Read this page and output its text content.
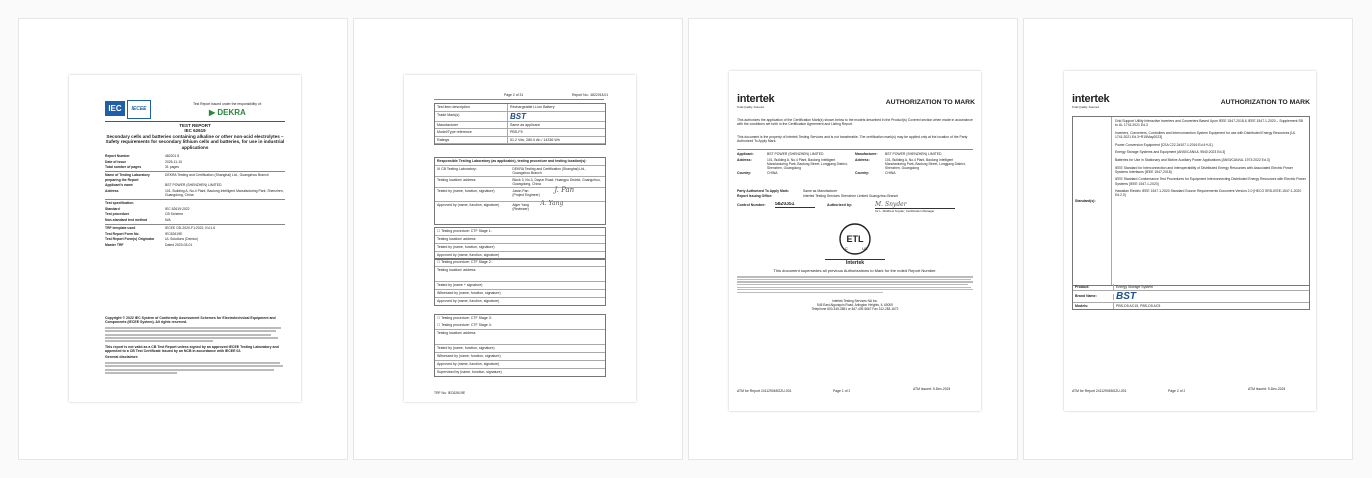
IEC	IECEE
Test Report issued under the responsibility of:
▶ DEKRA
TEST REPORT
IEC 62619
Secondary cells and batteries containing alkaline or other non-acid electrolytes – Safety requirements for secondary lithium cells and batteries, for use in industrial applications
Report Number	482201 8
Date of issue	2025-11-10
Total number of pages	31 pages
Name of Testing Laboratory preparing the Report
DEKRA Testing and Certification (Shanghai) Ltd., Guangzhou Branch
Applicant's name	BST POWER (SHENZHEN) LIMITED
Address	101, Building A, No.4 Plant, Baolong Intelligent Manufacturing Park, Shenzhen, Guangdong, China
Test specification
Standard	IEC 62619:2022
Test procedure	CB Scheme
Non-standard test method	N/A
TRF template used	IECEE OD-2020-F1:2022, Ed.1.6
Test Report Form No.	IEC62619E
Test Report Form(s) Originator	UL Solutions (Demko)
Master TRF	Dated 2023-03-01
Copyright © 2022 IEC System of Conformity Assessment Schemes for Electrotechnical Equipment and Components (IECEE System). All rights reserved.
This report is not valid as a CB Test Report unless signed by an approved IECEE Testing Laboratory and appended to a CB Test Certificate issued by an NCB in accordance with IECEE 02.
General disclaimer:
Page 2 of 31	Report No.: 4822018.01
Test item description	Rechargeable Li-ion Battery
Trade Mark(s)	BST
Manufacturer	Same as applicant
Model/Type reference	PBS-F5
Ratings	51.2 Vdc, 280.0 Ah / 14336 Wh
Responsible Testing Laboratory (as applicable), testing procedure and testing location(s):
☒ CB Testing Laboratory:	DEKRA Testing and Certification (Shanghai) Ltd., Guangzhou Branch
Testing location/ address	Block 3, No.3, Dayun Road, Huangpu District, Guangzhou, Guangdong, China
Tested by (name, function, signature)	Jason Pan
(Project Engineer)
J. Pan
Approved by (name, function, signature)	Alger Yang
(Reviewer)
A. Yang
☐ Testing procedure: CTF Stage 1:
Testing location/ address
Tested by (name, function, signature)
Approved by (name, function, signature)
☐ Testing procedure: CTF Stage 2:
Testing location/ address
Tested by (name + signature)
Witnessed by (name, function, signature)
Approved by (name, function, signature)
☐ Testing procedure: CTF Stage 3:
☐ Testing procedure: CTF Stage 4:
Testing location/ address
Tested by (name, function, signature)
Witnessed by (name, function, signature)
Approved by (name, function, signature)
Supervised by (name, function, signature)
TRF No. IEC62619E
intertek
Total Quality. Assured.
AUTHORIZATION TO MARK
This authorizes the application of the Certification Mark(s) shown below to the models described in the Product(s) Covered section when made in accordance with the conditions set forth in the Certification Agreement and Listing Report.
This document is the property of Intertek Testing Services and is not transferable. The certification mark(s) may be applied only at the location of the Party Authorized To Apply Mark.
Applicant:	BST POWER (SHENZHEN) LIMITED
Address:	101, Building A, No.4 Plant, Baolong Intelligent Manufacturing Park, Baolong Street, Longgang District, Shenzhen, Guangdong
Country:	CHINA
Manufacturer:	BST POWER (SHENZHEN) LIMITED
Address:	101, Building A, No.4 Plant, Baolong Intelligent Manufacturing Park, Baolong Street, Longgang District, Shenzhen, Guangdong
Country:	CHINA
Party Authorized To Apply Mark:	Same as Manufacturer
Report Issuing Office:	Intertek Testing Services Shenzhen Limited Guangzhou Branch
Control Number:	5820351	Authorized by:	M. Snyder
for L. Matthew Snyder, Certification Manager
ETL
C	US
Intertek
This document supersedes all previous Authorizations to Mark for the noted Report Number.
Intertek Testing Services NA Inc.
545 East Algonquin Road, Arlington Heights, IL 60005
Telephone 800-345-3851 or 847-439-5667 Fax 312-283-1672
ATM for Report 241129065GZU-001	Page 1 of 2	ATM Issued: 9-Dec-2024
intertek
Total Quality. Assured.
AUTHORIZATION TO MARK
Standard(s):
Grid Support Utility Interactive Inverters and Converters Based Upon IEEE 1547-2018 & IEEE 1547.1-2020 – Supplement SB to UL 1741:2021 Ed.3
Inverters, Converters, Controllers and Interconnection System Equipment for use with Distributed Energy Resources [UL 1741:2021 Ed.3+R15May2023]
Power Conversion Equipment [CSA C22.2#107.1:2016 Ed.4+U1]
Energy Storage Systems and Equipment [ANSI/CAN/UL 9540:2023 Ed.3]
Batteries for Use in Stationary and Motive Auxiliary Power Applications [ANSI/CAN/UL 1973:2022 Ed.3]
IEEE Standard for Interconnection and Interoperability of Distributed Energy Resources with Associated Electric Power Systems Interfaces [IEEE 1547-2018]
IEEE Standard Conformance Test Procedures for Equipment Interconnecting Distributed Energy Resources with Electric Power Systems [IEEE 1547.1-2020]
Hawaiian Electric IEEE 1547.1-2020 Standard Source Requirements Document Version 2.0 [HECO SRD-IEEE-1547.1-2020 Ed.2.0]
Product:	Energy Storage System
Brand Name:	BST
Models:	PBS-D5 AC15, PBS-D5 AC5
ATM for Report 241129065GZU-001	Page 2 of 2	ATM Issued: 9-Dec-2024
